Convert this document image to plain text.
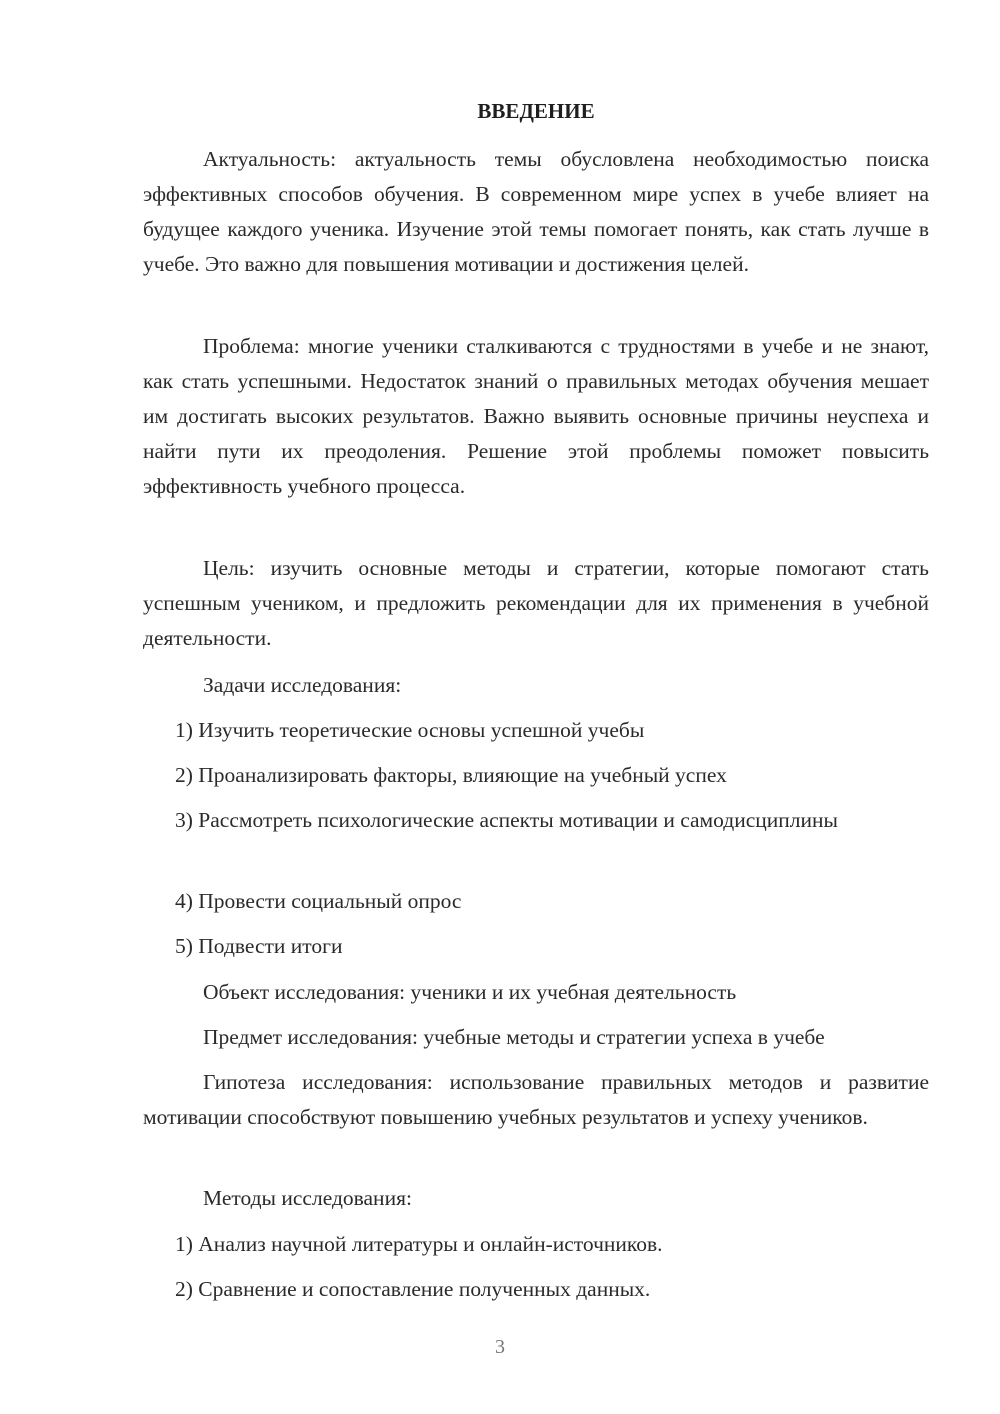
ВВЕДЕНИЕ

Актуальность: актуальность темы обусловлена необходимостью поиска эффективных способов обучения. В современном мире успех в учебе влияет на будущее каждого ученика. Изучение этой темы помогает понять, как стать лучше в учебе. Это важно для повышения мотивации и достижения целей.

Проблема: многие ученики сталкиваются с трудностями в учебе и не знают, как стать успешными. Недостаток знаний о правильных методах обучения мешает им достигать высоких результатов. Важно выявить основные причины неуспеха и найти пути их преодоления. Решение этой проблемы поможет повысить эффективность учебного процесса.

Цель: изучить основные методы и стратегии, которые помогают стать успешным учеником, и предложить рекомендации для их применения в учебной деятельности.

Задачи исследования:

1) Изучить теоретические основы успешной учебы

2) Проанализировать факторы, влияющие на учебный успех

3) Рассмотреть психологические аспекты мотивации и самодисциплины

4) Провести социальный опрос

5) Подвести итоги

Объект исследования: ученики и их учебная деятельность

Предмет исследования: учебные методы и стратегии успеха в учебе

Гипотеза исследования: использование правильных методов и развитие мотивации способствуют повышению учебных результатов и успеху учеников.

Методы исследования:

1) Анализ научной литературы и онлайн-источников.

2) Сравнение и сопоставление полученных данных.

3
